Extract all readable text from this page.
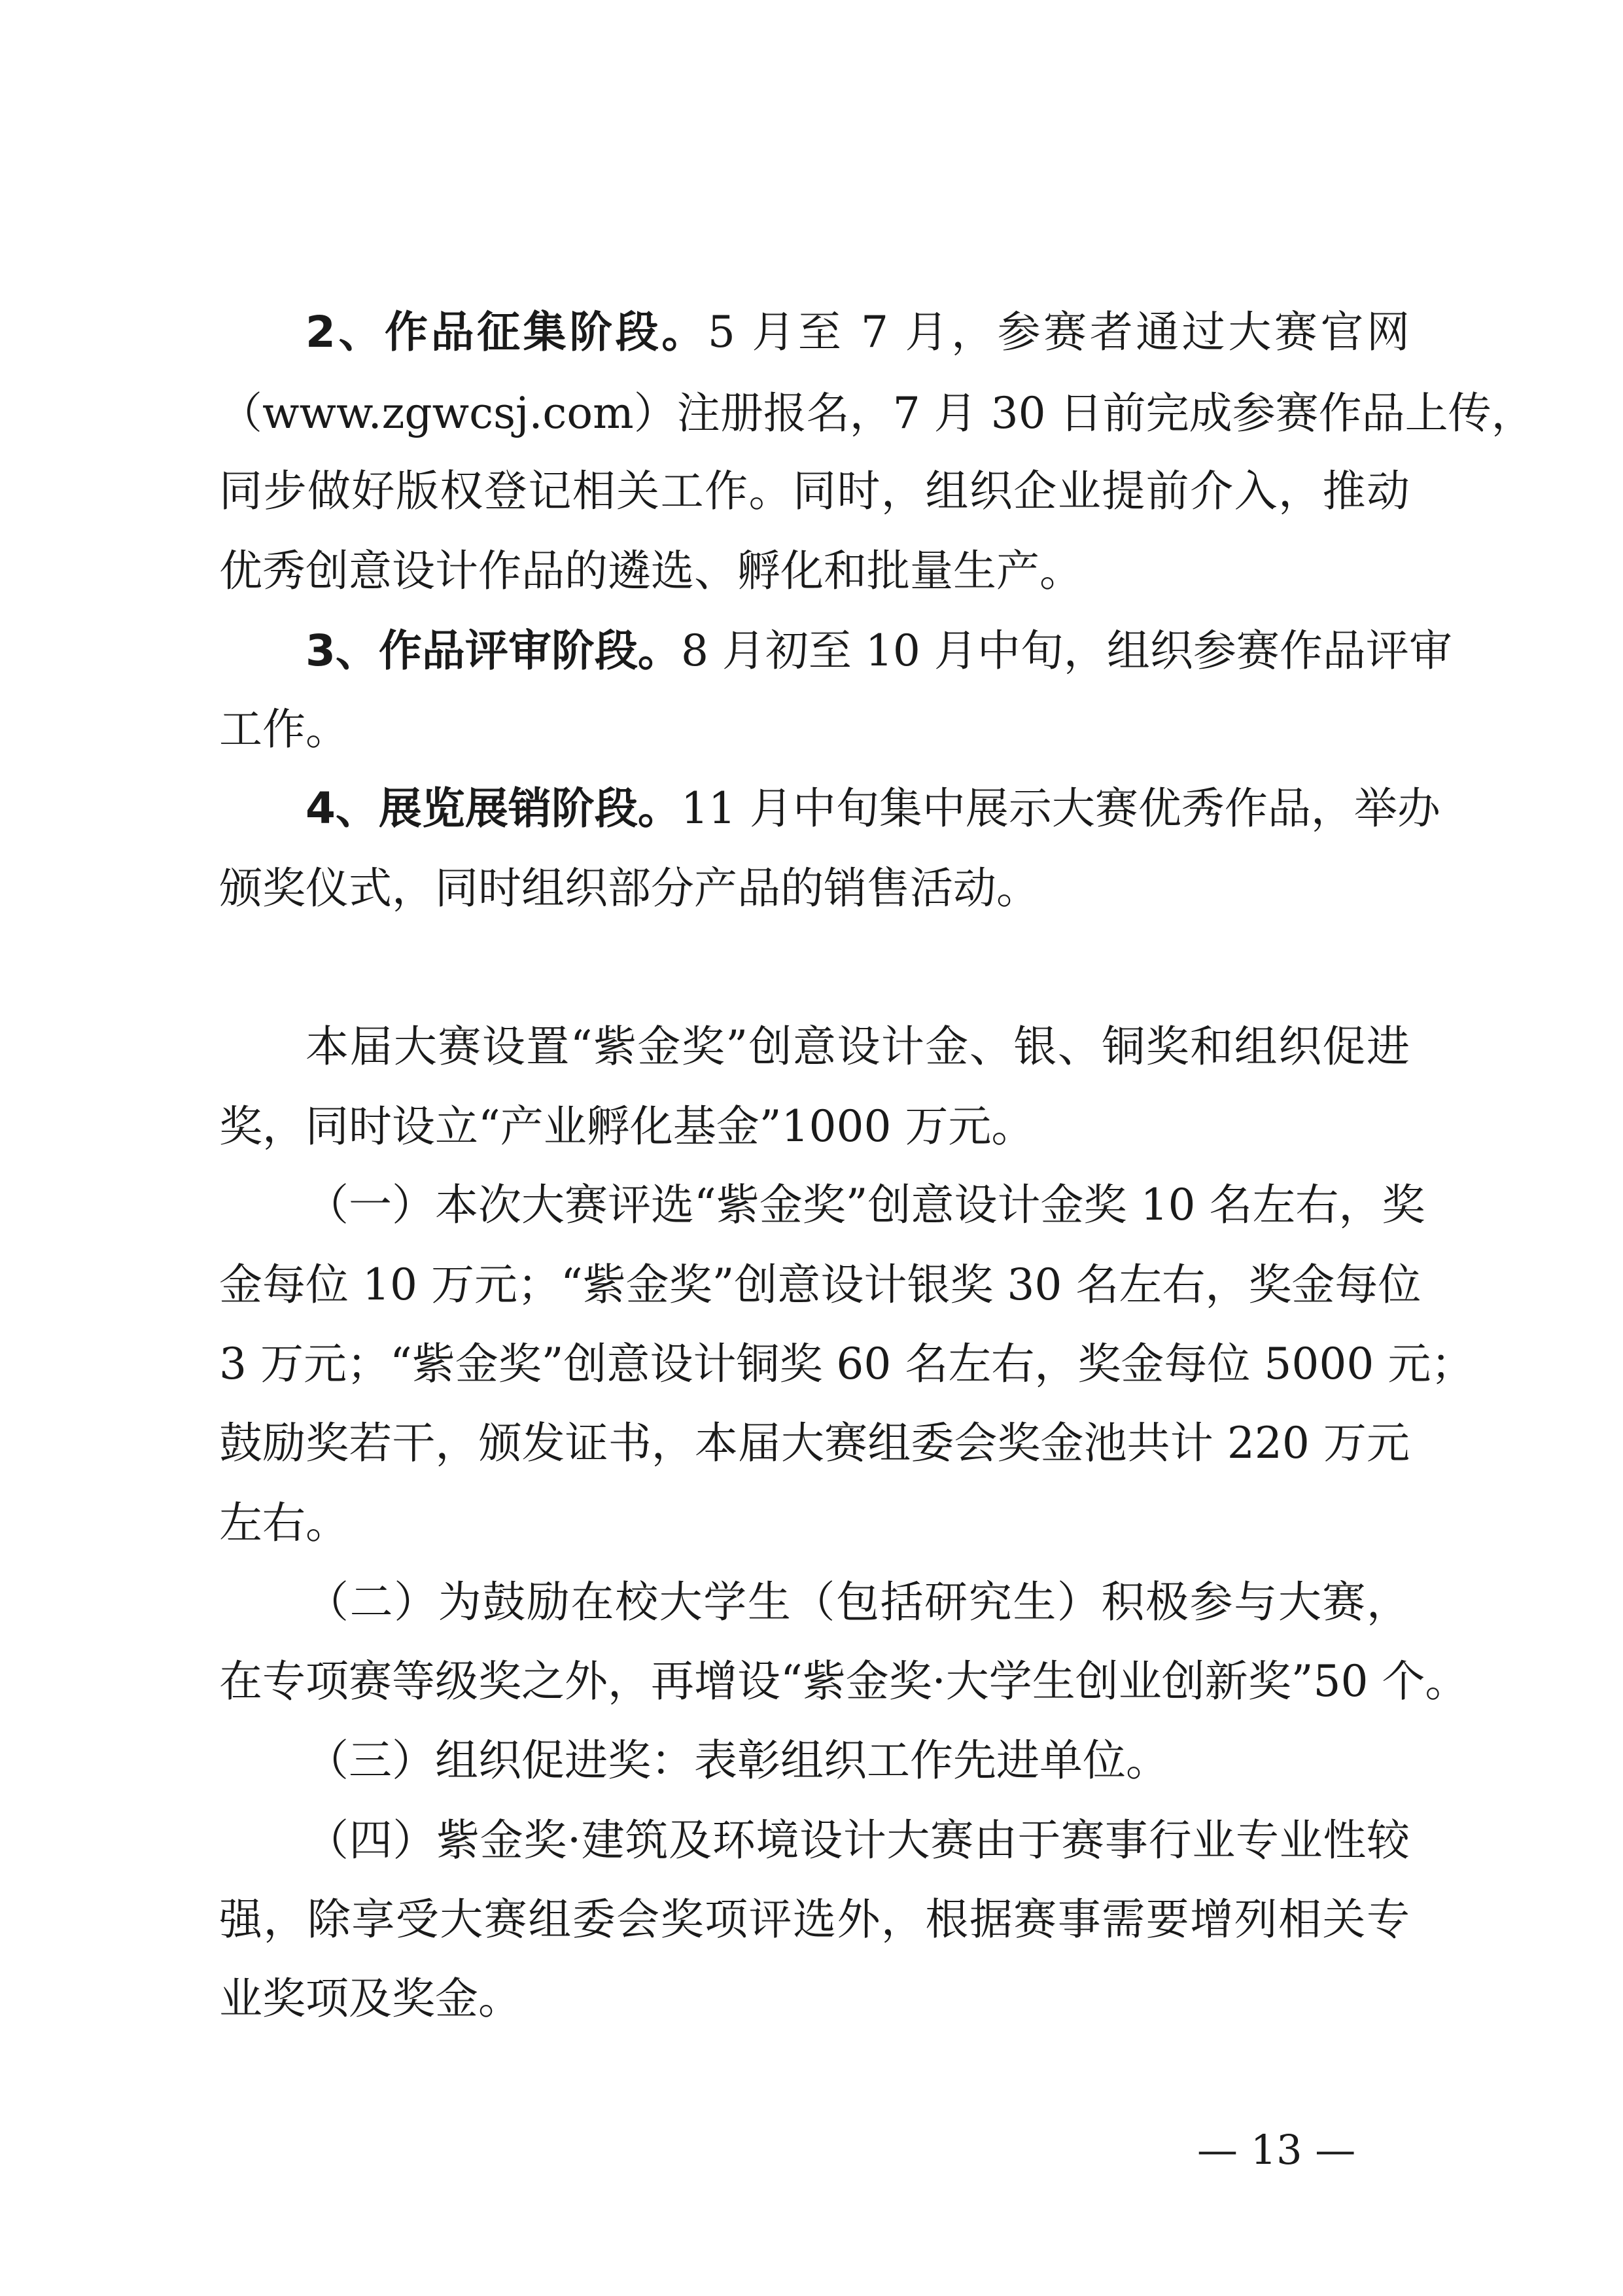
2、作品征集阶段。5 月至 7 月，参赛者通过大赛官网
（www.zgwcsj.com）注册报名，7 月 30 日前完成参赛作品上传，
同步做好版权登记相关工作。同时，组织企业提前介入，推动
优秀创意设计作品的遴选、孵化和批量生产。
3、作品评审阶段。8 月初至 10 月中旬，组织参赛作品评审
工作。
4、展览展销阶段。11 月中旬集中展示大赛优秀作品，举办
颁奖仪式，同时组织部分产品的销售活动。
本届大赛设置“紫金奖”创意设计金、银、铜奖和组织促进
奖，同时设立“产业孵化基金”1000 万元。
（一）本次大赛评选“紫金奖”创意设计金奖 10 名左右，奖
金每位 10 万元；“紫金奖”创意设计银奖 30 名左右，奖金每位
3 万元；“紫金奖”创意设计铜奖 60 名左右，奖金每位 5000 元；
鼓励奖若干，颁发证书，本届大赛组委会奖金池共计 220 万元
左右。
（二）为鼓励在校大学生（包括研究生）积极参与大赛，
在专项赛等级奖之外，再增设“紫金奖·大学生创业创新奖”50 个。
（三）组织促进奖：表彰组织工作先进单位。
（四）紫金奖·建筑及环境设计大赛由于赛事行业专业性较
强，除享受大赛组委会奖项评选外，根据赛事需要增列相关专
业奖项及奖金。
— 13 —
